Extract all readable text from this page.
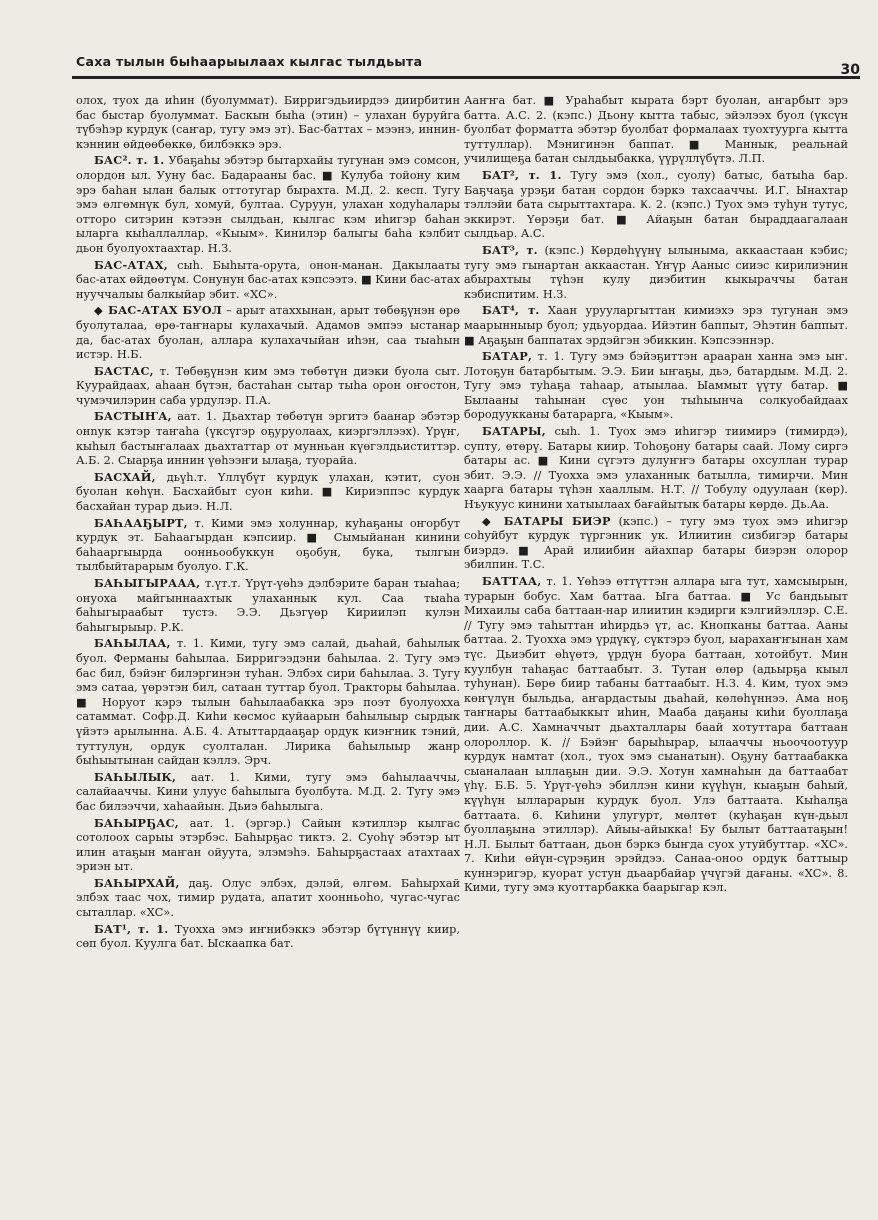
Саха тылын быһаарыылаах кылгас тылдьыта
30

олох, туох да иһин (буолуммат). Бирригэдьиирдээ диирбитин бас быстар буолуммат. Баскын быһа (этин) – улахан буруйга түбэһэр курдук (саҥар, тугу эмэ эт). Бас-баттах – мээнэ, иннин-кэннин өйдөөбөккө, билбэккэ эрэ.

БАС². т. 1. Убаҕаһы эбэтэр бытархайы тугунан эмэ сомсон, олордон ыл. Ууну бас. Бадарааны бас. ■ Кулуба тойону ким эрэ баһан ылан балык оттотугар быраxта. М.Д. 2. кесп. Тугу эмэ өлгөмнүк бул, хомуй, бултаа. Суруун, улахан ходуһалары отторо ситэрин кэтээн сылдьан, кылгас кэм иһигэр баһан ыларга кыһаллаллар. «Кыым». Кинилэр балыгы баһа кэлбит дьон буолуохтаахтар. Н.З.

БАС-АТАХ, сыһ. Быһыта-орута, онон-манан. Дакылааты бас-атах өйдөөтүм. Сонунун бас-атах кэпсээтэ. ■ Кини бас-атах нууччалыы балкыйар эбит. «ХС».

◆ БАС-АТАХ БУОЛ – арыт атаххынан, арыт төбөҕүнэн өрө буолуталаа, өрө-таҥнары кулахачый. Адамов эмпээ ыстанар да, бас-атах буолан, аллара кулахачыйан иһэн, саа тыаһын истэр. Н.Б.

БАСТАС, т. Төбөҕүнэн ким эмэ төбөтүн диэки буола сыт. Куурайдаах, аһаан бүтэн, бастаһан сытар тыһа орон оҥостон, чумэчилэрин саба урдулэр. П.А.

БАСТЫҤА, аат. 1. Дьахтар төбөтүн эргитэ баанар эбэтэр онnук кэтэр таҥаһа (үксүгэр оҕуруолаах, киэргэллээх). Үрүҥ, кыһыл бастыҥалаах дьахтаттар от мунньан күөгэлдьиститтэр. А.Б. 2. Сыарҕа иннин үөһээҥи ылаҕа, туорайа.

БАСХАЙ, дьүһ.т. Үллүбүт курдук улахан, кэтит, суон буолан көһүн. Басхайбыт суон киһи. ■ Кириэппэс курдук басхайан турар дьиэ. Н.Л.

БАҺААҔЫРТ, т. Кими эмэ холуннар, куһаҕаны оҥорбут курдук эт. Баһаагырдан кэпсиир. ■ Сымыйанан кинини баһааргыырда оонньообуккун оҕобун, бука, тылгын тылбыйтарарым буолуо. Г.К.

БАҺЫГЫРААА, т.үт.т. Үрүт-үөһэ дэлбэрите баран тыаһаа; онуоха майгыннаахтык улаханнык кул. Саа тыаһа баһыгыраабыт тустэ. Э.Э. Дьэгүөр Кириилэп кулэн баһыгырыыр. Р.К.

БАҺЫЛАА, т. 1. Кими, тугу эмэ салай, дьаһай, баһылык буол. Ферманы баһылаа. Бирригээдэни баһылаа. 2. Тугу эмэ бас бил, бэйэҥ билэргинэн туһан. Элбэх сири баһылаа. 3. Тугу эмэ сатаа, үөрэтэн бил, сатаан туттар буол. Тракторы баһылаа. ■ Норуот кэрэ тылын баһылаабакка эрэ поэт буолуохха сатаммат. Софр.Д. Киһи көсмос куйаарын баһылыыр сырдык үйэтэ арылынна. А.Б. 4. Атыттардааҕар ордук киэҥник тэний, туттулун, ордук суолталан. Лирика баһылыыр жанр быһыытынан сайдан кэллэ. Эрч.

БАҺЫЛЫК, аат. 1. Кими, тугу эмэ баһылааччы, салайааччы. Кини улуус баһылыга буолбута. М.Д. 2. Тугу эмэ бас билээччи, хаһаайын. Дьиэ баһылыга.

БАҺЫРҔАС, аат. 1. (эргэр.) Сайын кэтиллэр кылгас сотолоох сарыы этэрбэс. Баһырҕас тиктэ. 2. Суоһү эбэтэр ыт илин атаҕын маҥан ойуута, элэмэһэ. Баһырҕастаах атахтаах эриэн ыт.

БАҺЫРХАЙ, даҕ. Олус элбэх, дэлэй, өлгөм. Баһырхай элбэх таас чох, тимир рудата, апатит хоонньоһо, чугас-чугас сыталлар. «ХС».

БАТ¹, т. 1. Туохха эмэ иҥнибэккэ эбэтэр бүтүннүү киир, сөп буол. Куулга бат. Ыскаапка бат.

Ааҥҥа бат. ■ Ураһабыт кырата бэрт буолан, аҥарбыт эрэ батта. А.С. 2. (кэпс.) Дьону кытта табыс, эйэлээх буол (үксүн буолбат форматта эбэтэр буолбат формалаах туохтуурга кытта туттуллар). Мэнигинэн баппат. ■ Маннык, реальнай училищеҕа батан сылдьыбакка, үүрүллүбүтэ. Л.П.

БАТ², т. 1. Тугу эмэ (хол., суолу) батыс, батыһа бар. Баҕчаҕа урэҕи батан сордон бэркэ тахсааччы. И.Г. Ынахтар тэллэйи бата сырыттахтара. Ҝ. 2. (кэпс.) Туох эмэ туһун тутус, эккирэт. Үөрэҕи бат. ■ Айаҕын батан быраддаагалаан сылдьар. А.С.

БАТ³, т. (кэпс.) Көрдөһүүнү ылыныма, аккаастаан кэбис; тугу эмэ гынартан аккаастан. Үҥүр Ааныс сииэс кирилиэнин абырахтыы түһэн кулу диэбитин кыкыраччы батан кэбиспитим. Н.З.

БАТ⁴, т. Хаан урууларгыттан кимиэхэ эрэ тугунан эмэ маарынныыр буол; удьуордаа. Ийэтин баппыт, Эһэтин баппыт. ■ Аҕаҕын баппатах эрдэйгэн эбиккин. Кэпсээннэр.

БАТАР, т. 1. Тугу эмэ бэйэҕиттэн арааран ханна эмэ ыҥ. Лотоҕун батарбытым. Э.Э. Бии ыҥаҕы, дьэ, батардым. М.Д. 2. Тугу эмэ туһаҕа таһаар, атыылаа. Ыаммыт үүту батар. ■ Былааны таһынан сүөс уон тыһыынча солкуобайдаах бородуукканы батарарга, «Кыым».

БАТАРЫ, сыһ. 1. Туох эмэ иһигэр тиимирэ (тимирдэ), супту, өтөрү. Батары киир. Тоһоҕону батары саай. Лому сиргэ батары ас. ■ Кини сүгэтэ дулуҥҥэ батары охсуллан турар эбит. Э.Э. // Туохха эмэ улаханнык батылла, тимирчи. Мин хаарга батары түһэн хааллым. Н.Т. // Тобулу одуулаан (көр). Нъукуус кинини хатыылаах бағайытык батары көрдө. Дь.Аа.

◆ БАТАРЫ БИЭР (кэпс.) – тугу эмэ туох эмэ иһигэр соһуйбут курдук түргэнник ук. Илиитин сизбигэр батары биэрдэ. ■ Арай илиибин айахпар батары биэрэн олорор эбилпин. Т.С.

БАТТАА, т. 1. Үөһээ өттүттэн аллара ыга тут, хамсыырын, турарын бобус. Хам баттаа. Ыга баттаа. ■ Ус бандьыыт Михаилы саба баттаан-нар илиитин кэдирги кэлгийэллэр. С.Е. // Тугу эмэ таһыттан иһирдьэ үт, ас. Кнопканы баттаа. Ааны баттаа. 2. Туохха эмэ үрдүкү, сүктэрэ буол, ыарахаҥҥынан хам түс. Дьиэбит өһүөтэ, үрдүн буора баттаан, хотойбут. Мин куулбун таһаҕас баттаабыт. 3. Тутан өлөр (адьырҕа кыыл туһунан). Бөрө биир табаны баттаабыт. Н.З. 4. Ҝим, туох эмэ көҥүлүн быльдьа, аҥардастыы дьаһай, көлөһүннээ. Ама ноҕ таҥнары баттаабыккыт иһин, Мааба даҕаны киһи буоллаҕа дии. А.С. Хамначчыт дьахталлары баай хотуттара баттаан олороллор. Ҝ. // Бэйэҥ барыһырар, ылааччы ньоочоотуур курдук намтат (хол., туох эмэ сыанатын). Оҕуну баттаабакка сыаналаан ыллаҕын дии. Э.Э. Хотун хамнаһын да баттаабат үһү. Б.Б. 5. Үрүт-үөһэ эбиллэн кини күүһүн, кыаҕын баһый, күүһүн ылларарын курдук буол. Улэ баттаата. Кыһалҕа баттаата. 6. Киһини улугурт, мөлтөт (куһаҕан күн-дьыл буоллаҕына этиллэр). Айыы-айыкка! Бу былыт баттаатаҕын! Н.Л. Былыт баттаан, дьон бэркэ быҥда суох утуйбуттар. «ХС». 7. Киһи өйүн-сүрэҕин эрэйдээ. Санаа-оноо ордук баттыыр куннэригэр, куорат устун дьаарбайар үчүгэй дағаны. «ХС». 8. Кими, тугу эмэ куоттарбакка баарыгар кэл.
